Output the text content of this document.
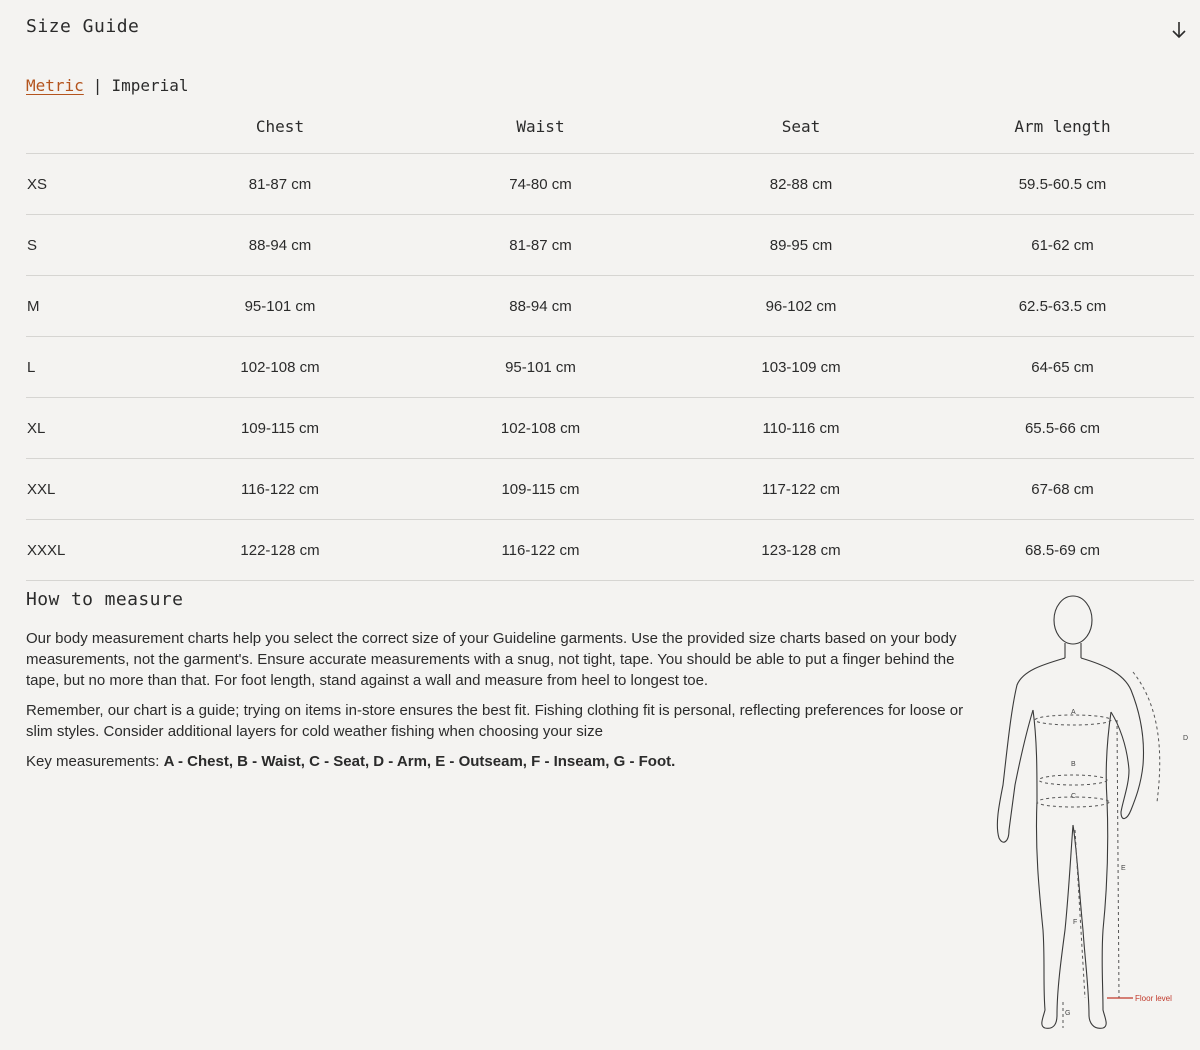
Size Guide
Metric | Imperial
	Chest	Waist	Seat	Arm length
XS	81-87 cm	74-80 cm	82-88 cm	59.5-60.5 cm
S	88-94 cm	81-87 cm	89-95 cm	61-62 cm
M	95-101 cm	88-94 cm	96-102 cm	62.5-63.5 cm
L	102-108 cm	95-101 cm	103-109 cm	64-65 cm
XL	109-115 cm	102-108 cm	110-116 cm	65.5-66 cm
XXL	116-122 cm	109-115 cm	117-122 cm	67-68 cm
XXXL	122-128 cm	116-122 cm	123-128 cm	68.5-69 cm
How to measure

Our body measurement charts help you select the correct size of your Guideline garments. Use the provided size charts based on your body measurements, not the garment's. Ensure accurate measurements with a snug, not tight, tape. You should be able to put a finger behind the tape, but no more than that. For foot length, stand against a wall and measure from heel to longest toe.

Remember, our chart is a guide; trying on items in-store ensures the best fit. Fishing clothing fit is personal, reflecting preferences for loose or slim styles. Consider additional layers for cold weather fishing when choosing your size

Key measurements: A - Chest, B - Waist, C - Seat, D - Arm, E - Outseam, F - Inseam, G - Foot.

A
B
C
D
E
F
G
Floor level
